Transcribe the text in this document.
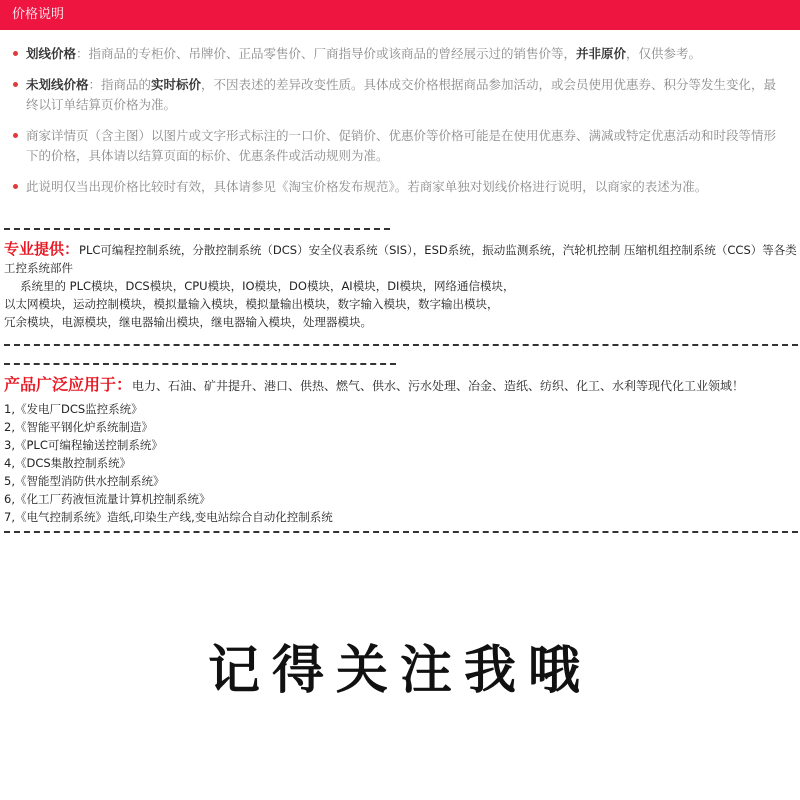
价格说明
划线价格：指商品的专柜价、吊牌价、正品零售价、厂商指导价或该商品的曾经展示过的销售价等，并非原价，仅供参考。
未划线价格：指商品的实时标价，不因表述的差异改变性质。具体成交价格根据商品参加活动，或会员使用优惠券、积分等发生变化，最终以订单结算页价格为准。
商家详情页（含主图）以图片或文字形式标注的一口价、促销价、优惠价等价格可能是在使用优惠券、满减或特定优惠活动和时段等情形下的价格，具体请以结算页面的标价、优惠条件或活动规则为准。
此说明仅当出现价格比较时有效，具体请参见《淘宝价格发布规范》。若商家单独对划线价格进行说明，以商家的表述为准。
专业提供：PLC可编程控制系统，分散控制系统（DCS）安全仪表系统（SIS），ESD系统，振动监测系统，汽轮机控制 压缩机组控制系统（CCS）等各类工控系统部件
系统里的 PLC模块，DCS模块，CPU模块，IO模块，DO模块，AI模块，DI模块，网络通信模块，
以太网模块，运动控制模块，模拟量输入模块，模拟量输出模块，数字输入模块，数字输出模块，
冗余模块，电源模块，继电器输出模块，继电器输入模块，处理器模块。
产品广泛应用于：电力、石油、矿井提升、港口、供热、燃气、供水、污水处理、冶金、造纸、纺织、化工、水利等现代化工业领域！
1,《发电厂DCS监控系统》
2,《智能平钢化炉系统制造》
3,《PLC可编程输送控制系统》
4,《DCS集散控制系统》
5,《智能型消防供水控制系统》
6,《化工厂药液恒流量计算机控制系统》
7,《电气控制系统》造纸,印染生产线,变电站综合自动化控制系统
记得关注我哦
